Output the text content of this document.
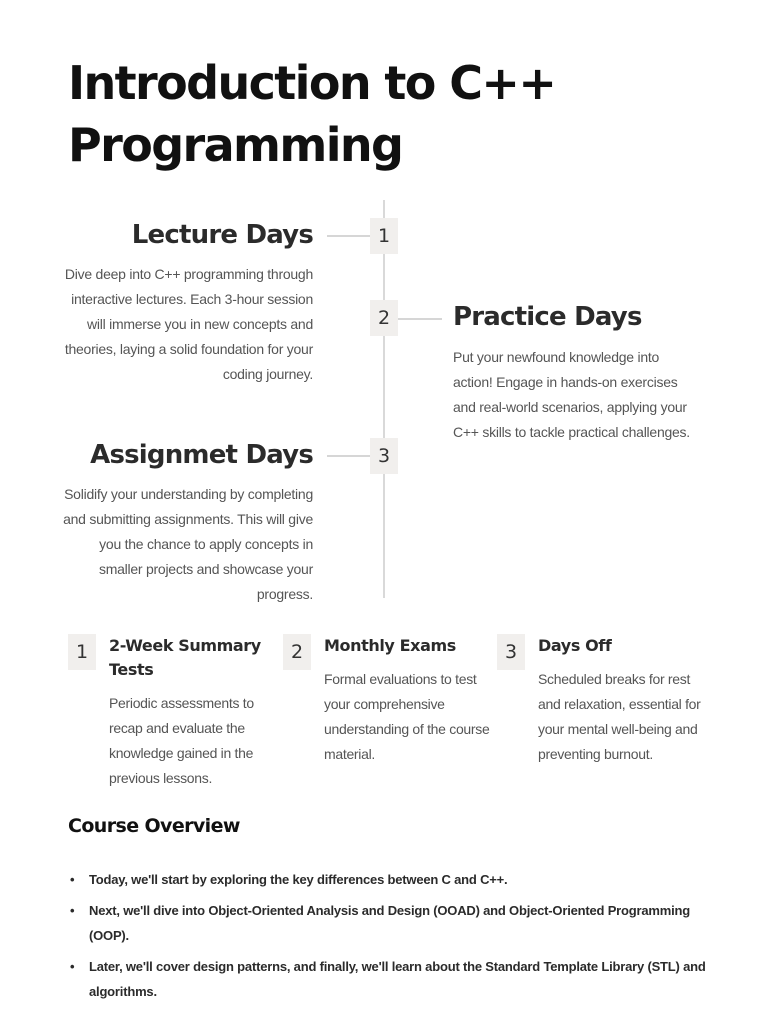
Introduction to C++ Programming
1
Lecture Days

Dive deep into C++ programming through interactive lectures. Each 3-hour session will immerse you in new concepts and theories, laying a solid foundation for your coding journey.

2	Practice Days

Put your newfound knowledge into action! Engage in hands-on exercises and real-world scenarios, applying your C++ skills to tackle practical challenges.

3
Assignmet Days

Solidify your understanding by completing and submitting assignments. This will give you the chance to apply concepts in smaller projects and showcase your progress.

1	2-Week Summary Tests

Periodic assessments to recap and evaluate the knowledge gained in the previous lessons.

2	Monthly Exams

Formal evaluations to test your comprehensive understanding of the course material.

3	Days Off

Scheduled breaks for rest and relaxation, essential for your mental well-being and preventing burnout.

Course Overview
• Today, we'll start by exploring the key differences between C and C++.
• Next, we'll dive into Object-Oriented Analysis and Design (OOAD) and Object-Oriented Programming (OOP).
• Later, we'll cover design patterns, and finally, we'll learn about the Standard Template Library (STL) and algorithms.
